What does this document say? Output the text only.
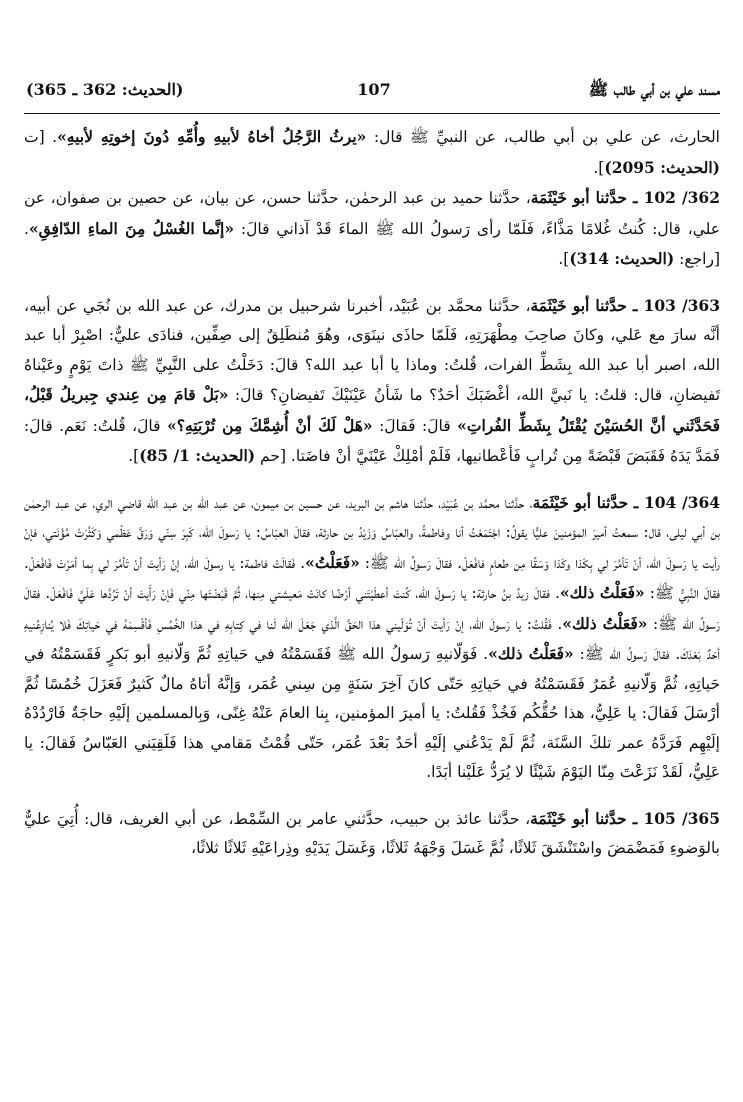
مسند علي بن أبي طالب ﷺ
107
(الحديث: 362 ـ 365)

الحارث، عن علي بن أبي طالب، عن النبيِّ ﷺ قال: «يرثُ الرَّجُلُ أخاهُ لأبيهِ وأُمِّهِ دُونَ إخوتِهِ لأبيهِ». [ت (الحديث: 2095)].

362/ 102 ـ حدَّثنا أبو خَيْثَمَة، حدَّثنا حميد بن عبد الرحمٰن، حدَّثنا حسن، عن بيان، عن حصين بن صفوان، عن علي، قال: كُنتُ غُلامًا مَذَّاءً، فَلَمّا رأى رَسولُ الله ﷺ الماءَ قَدْ آذاني قالَ: «إنَّما الغُسْلُ مِنَ الماءِ الدّافِقِ». [راجع: (الحديث: 314)].

363/ 103 ـ حدَّثنا أبو خَيْثَمَة، حدَّثنا محمَّد بن عُبَيْد، أخبرنا شرحبيل بن مدرك، عن عبد الله بن نُجَي عن أبيه، أنَّه سارَ مع عَلي، وكانَ صاحِبَ مِطْهَرَتِهِ، فَلَمّا حاذَى نينَوَى، وهُوَ مُنطَلِقٌ إلى صِفِّين، فنادَى عليٌّ: اصْبِرْ أبا عبد الله، اصبر أبا عبد الله بِشَطِّ الفرات، قُلتُ: وماذا يا أبا عبد الله؟ قالَ: دَخَلْتُ على النَّبِيِّ ﷺ ذاتَ يَوْمٍ وعَيْناهُ تَفيضانِ، قال: قلتُ: يا نَبيَّ الله، أغْضَبَكَ أحَدٌ؟ ما شَأنُ عَيْنَيْكَ تَفيضانِ؟ قالَ: «بَلْ قامَ مِن عِندي جِبريلُ قَبْلُ، فَحَدَّثَني أنَّ الحُسَيْنَ يُقْتَلُ بِشَطِّ الفُراتِ» قالَ: فَقالَ: «هَلْ لَكَ أنْ أُشِمَّكَ مِن تُرْبَتِهِ؟» قالَ، قُلتُ: نَعَم. قالَ: فَمَدَّ يَدَهُ فَقَبَضَ قَبْضَةً مِن تُرابٍ فَأعْطانيها، فَلَمْ أمْلِكْ عَيْنَيَّ أنْ فاضَتا. [حم (الحديث: 1/ 85)].

364/ 104 ـ حدَّثنا أبو خَيْثَمَة، حدَّثنا محمَّد بن عُبَيْد، حدَّثنا هاشم بن البريد، عن حسين بن ميمون، عن عبد الله بن عبد الله قاضي الري، عن عبد الرحمٰن بن أبي ليلى، قال: سمعتُ أميرَ المؤمنينَ عليًّا يقولُ: اجْتَمَعْتُ أنا وفاطمةُ، والعبّاسُ وَزَيْدُ بن حارثة، فقالَ العبّاسُ: يا رَسولَ الله، كَبِرَ سِنّي وَرَقَّ عَظْمي وَكَثُرَتْ مُؤْنَتي، فإنْ رأيت يا رَسولَ الله، أنْ تَأمُرَ لي بِكَذا وكَذا وَسَقًا مِن طعامٍ فافْعَلْ. فقالَ رَسولُ الله ﷺ: «فَعَلْتُ». فَقالَتْ فاطمة: يا رسولَ الله، إنْ رَأيتَ أنْ تَأمُرَ لي بِما أمَرْتَ فَافْعَلْ. فقالَ النَّبِيُّ ﷺ: «فَعَلْتُ ذلك». فقالَ زيدُ بنُ حارثة: يا رَسولَ الله، كُنتَ أعطَيْتَني أرْضًا كانَتْ مَعيشتي مِنها، ثُمَّ قَبَضْتَها مِنّي فَإنْ رَأَيتَ أنْ تَرُدَّها عَلَيَّ فَافْعَلْ. فقالَ رَسولُ الله ﷺ: «فَعَلْتُ ذلك». فَقُلتُ: يا رَسولَ الله، إنْ رَأيتَ أنْ تُوَلّيني هذا الحَقَّ الَّذي جَعَلَ الله لَنا في كِتابِهِ في هذا الخُمُسِ فَأقْسِمَهُ في حَياتِكَ فَلا يُنازِعُنيهِ أحَدٌ بَعْدَكَ. فقالَ رَسولُ الله ﷺ: «فَعَلْتُ ذلك». فَوَلّانيهِ رَسولُ الله ﷺ فَقَسَمْتُهُ في حَياتِهِ ثُمَّ وَلّانيهِ أبو بَكرٍ فَقَسَمْتُهُ في حَياتِهِ، ثُمَّ وَلّانيهِ عُمَرُ فَقَسَمْتُهُ في حَياتِهِ حَتّى كانَ آخِرَ سَنَةٍ مِن سِني عُمَر، وَإنَّهُ أتاهُ مالٌ كَثيرٌ فَعَزَلَ خُمُسًا ثُمَّ أرْسَلَ فَقالَ: يا عَلِيُّ، هذا حُقُّكُم فَخُذْ فَقُلتُ: يا أميرَ المؤمنين، بِنا العامَ عَنْهُ غِنًى، وَبِالمسلمين إلَيْهِ حاجَةٌ فَارْدُدْهُ إلَيْهِم فَرَدَّهُ عمر تلكَ السَّنَة، ثُمَّ لَمْ يَدْعُني إلَيْهِ أحَدٌ بَعْدَ عُمَر، حَتّى قُمْتُ مَقامي هذا فَلَقِيَني العَبّاسُ فَقالَ: يا عَلِيُّ، لَقَدْ نَزَعْتَ مِنّا اليَوْمَ شَيْئًا لا يُرَدُّ عَلَيْنا أبَدًا.

365/ 105 ـ حدَّثنا أبو خَيْثَمَة، حدَّثنا عائذ بن حبيب، حدَّثني عامر بن السِّمْط، عن أبي الغريف، قال: أُتِيَ عليٌّ بالوَضوءِ فَمَضْمَضَ واسْتَنْشَقَ ثَلاثًا، ثُمَّ غَسَلَ وَجْهَهُ ثَلاثًا، وَغَسَلَ يَدَيْهِ وذِراعَيْهِ ثَلاثًا ثلاثًا،
